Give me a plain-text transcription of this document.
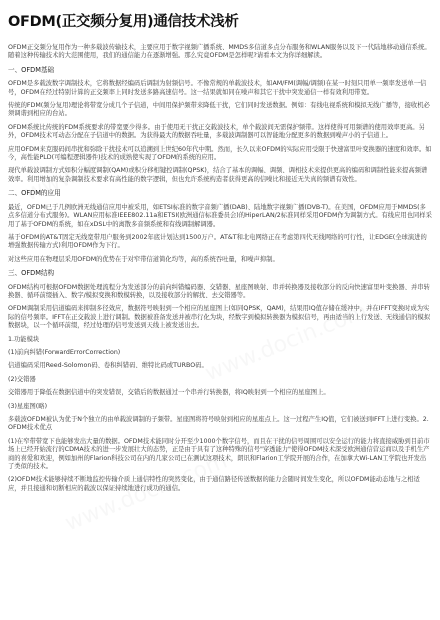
OFDM(正交频分复用)通信技术浅析
OFDM正交频分复用作为一种多载波传输技术，主要应用于数字视频广播系统、MMDS多信道多点分布服务和WLAN服务以及下一代陆地移动通信系统。随着这种传输技术的大范围使用，我们的通信能力在逐渐增强。那么究竟OFDM是怎样呢?请看本文为你详细解读。
一、OFDM基础
OFDM是多载波数字调制技术，它将数据经编码后调制为射频信号。不像常规的单载波技术，如AM/FM(调幅/调频)在某一时刻只用单一频率发送单一信号，OFDM在经过特别计算的正交频率上同时发送多路高速信号。这一结果就如同在噪声和其它干扰中突发通信一样有效利用带宽。
传统的FDM(频分复用)理论将带宽分成几个子信道，中间用保护频带来降低干扰，它们同时发送数据。例如：有线电视系统和模拟无线广播等，接收机必须调谐到相应的台站。
OFDM系统比传统的FDM系统要求的带宽要少得多。由于使用无干扰正交载波技术，单个载波间无需保护频带。这样使得可用频谱的使用效率更高。另外，OFDM技术可动态分配在子信道中的数据。为获得最大的数据吞吐量，多载波调制器可以智能地分配更多的数据到噪声小的子信道上。
应用OFDM来克服码间串扰和弥除干扰技术可以追溯到上世纪60年代中期。然而，长久以来OFDM的实际应用受限于快速富里叶变换器的速度和效率。如今，高性能PLD(可编程逻辑器件)技术的成熟使实现了OFDM的系统的应用。
现代单载波调制方式如积分幅度调制(QAM)或积分移相键控调制(QPSK)，结合了基本的调幅、调频、调相技术来提供更高的编码和调制性能来提高频谱效率。利用增加的复杂调制技术要求有高性能的数字逻辑，但也允许系统构造者获得更高的信噪比和接近无失真的频谱有效性。
二、OFDM的应用
最近，OFDM已于几例欧洲无线通信应用中被采用，如ETSI标准的数字音频广播(DAB)、陆地数字视频广播(DVB-T)。在美国，OFDM应用于MMDS(多点多信道分布式服务)。WLAN应用标准IEEE802.11a和ETSI(欧洲通信标准委员会)的HiperLAN/2标准同样采用OFDM作为调制方式。有线应用也同样采用了基于OFDM的系统，如在xDSL中的离散多音频系统和有线调制解调器。
基于OFDM的AT&T固定无线宽带用户服务到2002年底计划达到1500万户。AT&T和北电网络正在考虑第四代无线网络的可行性，让EDGE(全球演进的增强数据传输方式)利用OFDM作为下行。
对这些应用在物理层采用OFDM的优势在于对窄带信道简化均等，高的系统吞吐量，和噪声抑制。
三、OFDM结构
OFDM结构可根据OFDM数据处理流程分为发送部分的前向纠错编码器、交错器、星座图映射、串并转换器及接收部分的反向快速富里叶变换器、并串转换器、循环前缀插入、数字/模拟变换和数模转换，以及接收部分的解扰、去交错器等。
OFDM调制采用信道编码来抑制多径效应，数据符号映射到一个相应的星座图上(如同QPSK，QAM)，结果用IQ值存储在缓冲中，并在IFFT变换时成为实际的信号频率。IFFT在正交载波上进行调制。数据被准备发送并被串行化为块，经数字到模拟转换器为模拟信号，再由适当的上行发送、无线通信的模拟数据块，以一个循环前缀，经过处理的信号发送到天线上被发送出去。
1.功能模块
(1)前向纠错(ForwardErrorCorrection)
信道编码采用Reed-Solomon码、卷积纠错码、维特比码或TURBO码。
(2)交错器
交错器用于降低在数据信道中的突发错误，交错后的数据通过一个串并行转换器，将IQ映射到一个相应的星座图上。
(3)星座图(略)
多载波OFDM被认为优于N个独立的由单载波调制的子频带。星座图将符号映射到相应的星座点上。这一过程产生IQ值，它们被送到IFFT上进行变换。2.OFDM技术优点
(1)在窄带带宽下也能够发出大量的数据。OFDM技术能同时分开至少1000个数字信号，而且在干扰的信号周围可以安全运行的能力将直接威胁到目前市场上已经开始流行的CDMA技术的进一步发展壮大的态势，正是由于具有了这种特殊的信号"穿透能力"使得OFDM技术深受欧洲通信营运商以及手机生产商的喜爱和欢迎，例如加州的Flarion科技公司在内的几家公司已在测试这项技术，朗讯和Flarion工学院开展的合作，在加拿大Wi-LAN工学院也开发出了类似的技术。
(2)OFDM技术能够持续不断地监控传输介质上通信特性的突然变化，由于通信路径传送数据的能力会随时间发生变化，所以OFDM能动态地与之相适应，并且接通和切断相应的载波以保证持续地进行成功的通信。
